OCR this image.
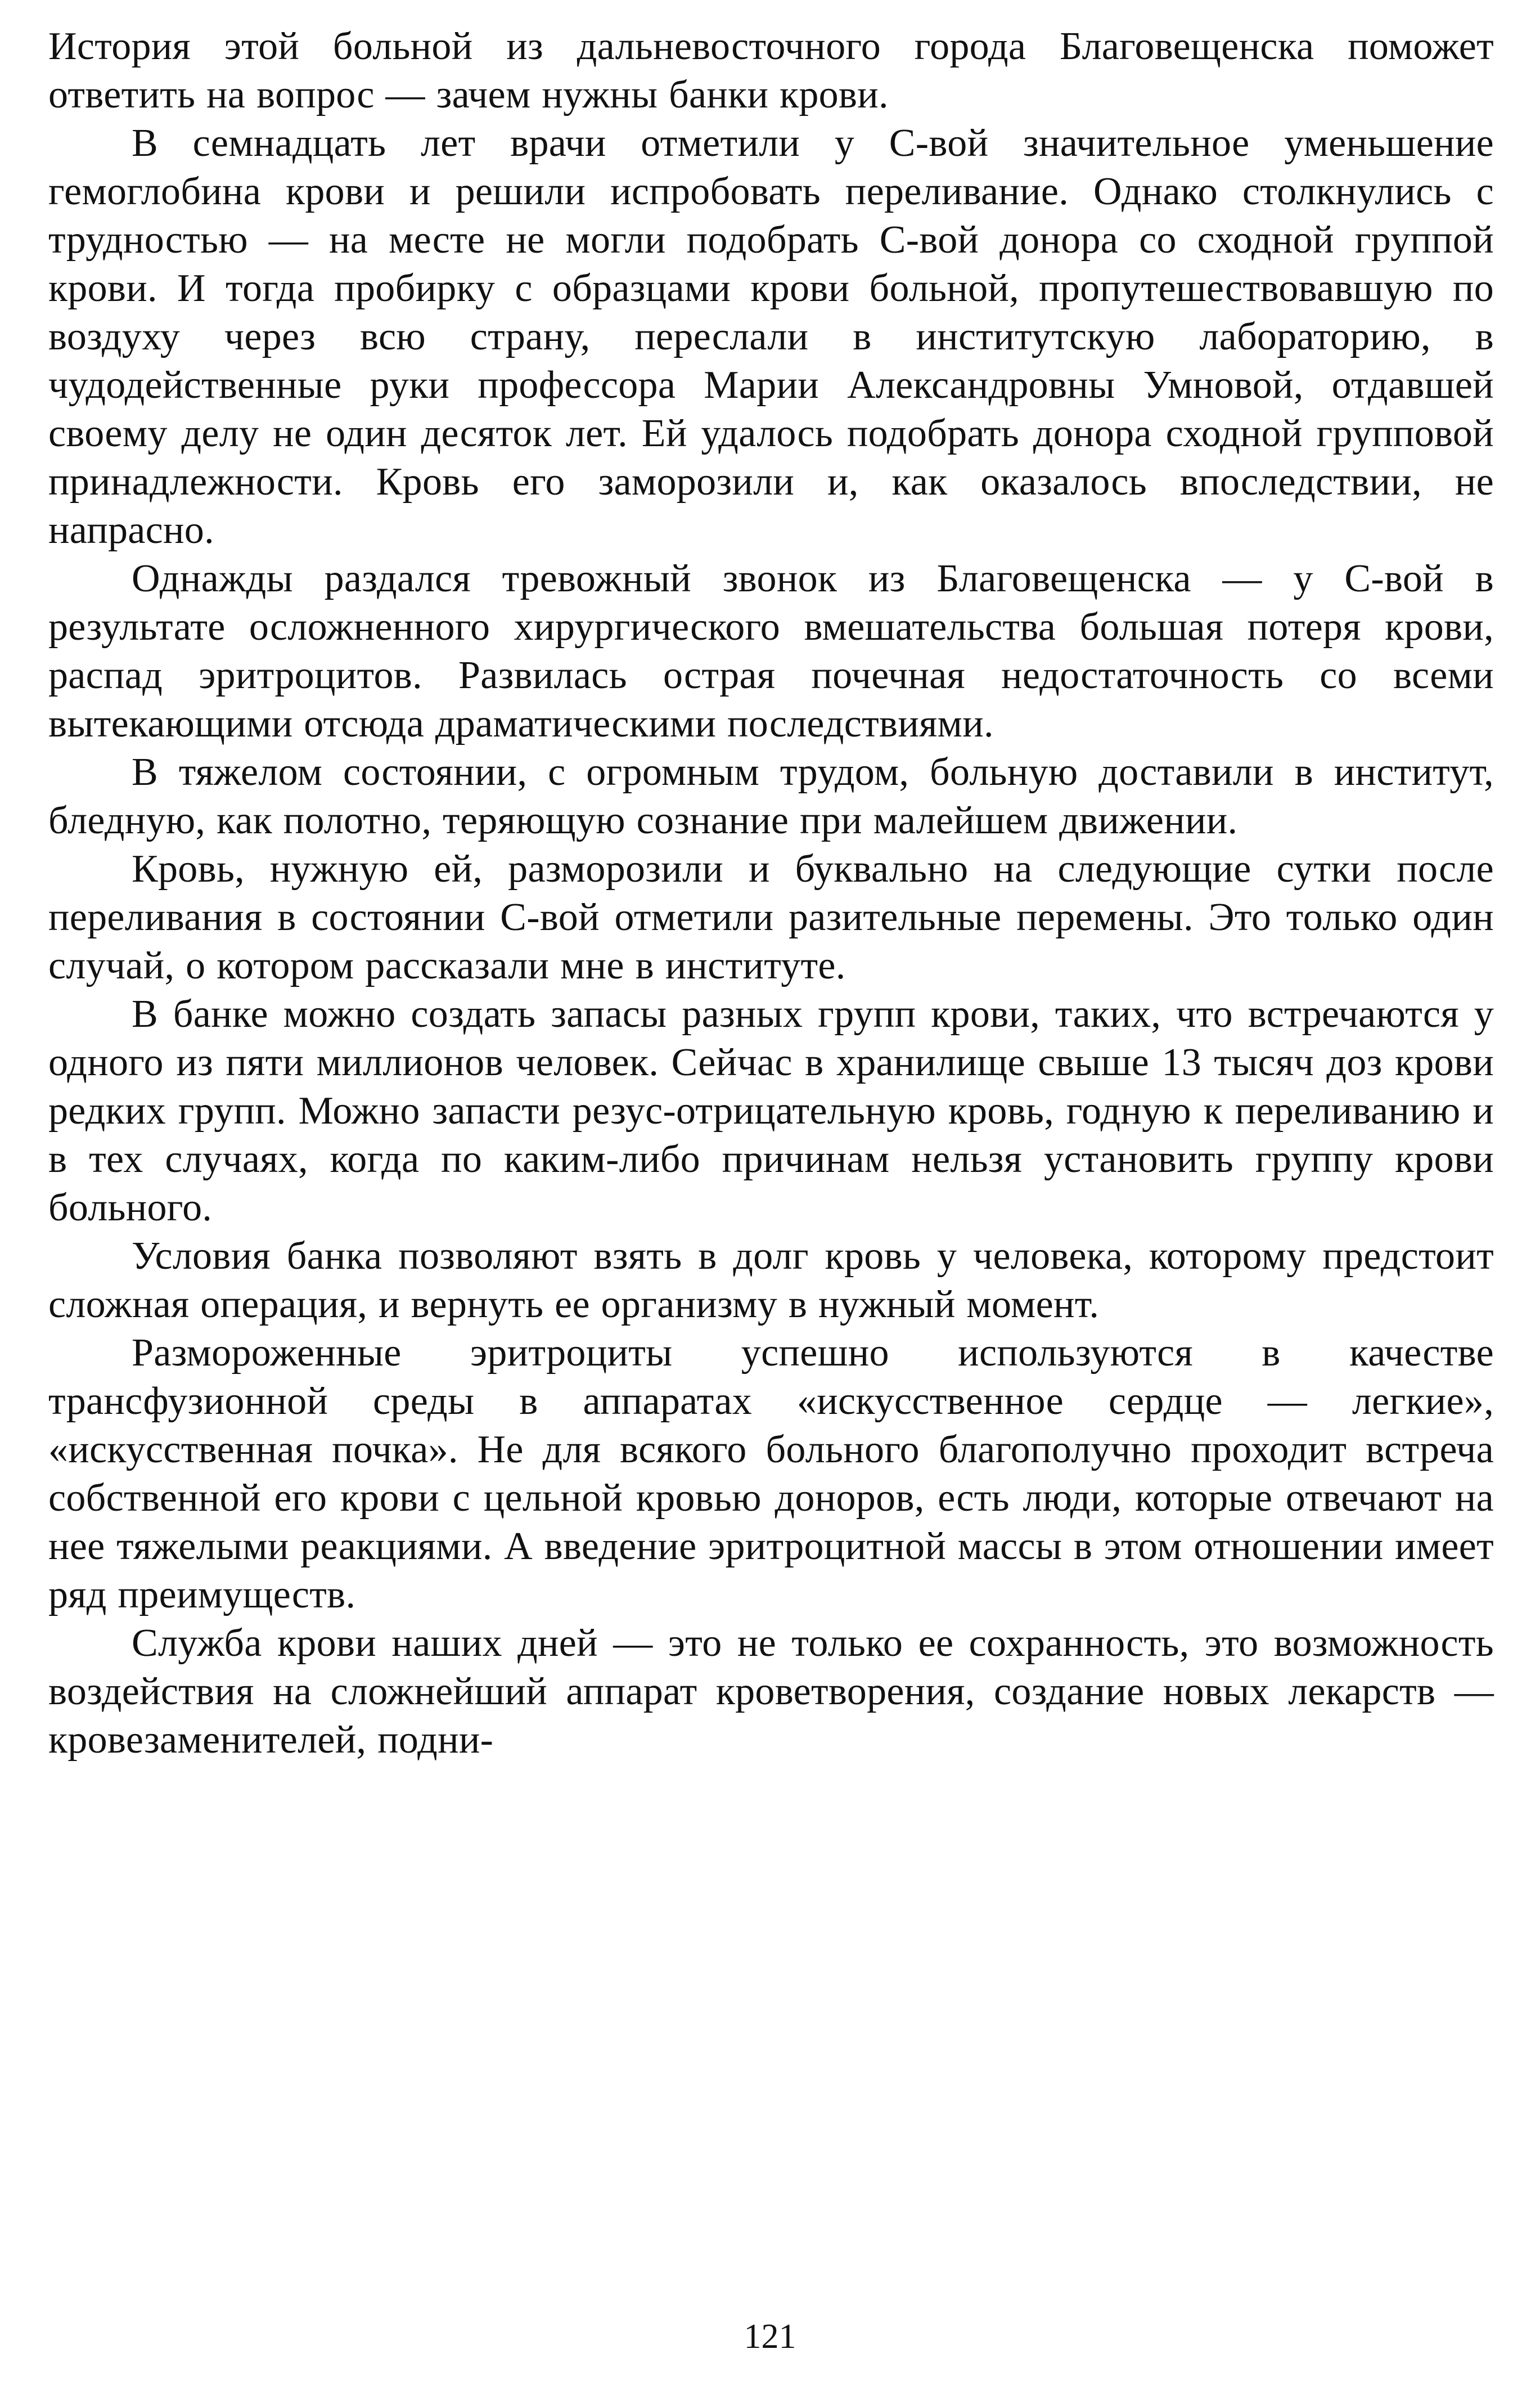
История этой больной из дальневосточного города Благовещенска поможет ответить на вопрос — зачем нужны банки крови.

В семнадцать лет врачи отметили у С-вой значительное уменьшение гемоглобина крови и решили испробовать переливание. Однако столкнулись с трудностью — на месте не могли подобрать С-вой донора со сходной группой крови. И тогда пробирку с образцами крови больной, пропутешествовавшую по воздуху через всю страну, переслали в институтскую лабораторию, в чудодейственные руки профессора Марии Александровны Умновой, отдавшей своему делу не один десяток лет. Ей удалось подобрать донора сходной групповой принадлежности. Кровь его заморозили и, как оказалось впоследствии, не напрасно.

Однажды раздался тревожный звонок из Благовещенска — у С-вой в результате осложненного хирургического вмешательства большая потеря крови, распад эритроцитов. Развилась острая почечная недостаточность со всеми вытекающими отсюда драматическими последствиями.

В тяжелом состоянии, с огромным трудом, больную доставили в институт, бледную, как полотно, теряющую сознание при малейшем движении.

Кровь, нужную ей, разморозили и буквально на следующие сутки после переливания в состоянии С-вой отметили разительные перемены. Это только один случай, о котором рассказали мне в институте.

В банке можно создать запасы разных групп крови, таких, что встречаются у одного из пяти миллионов человек. Сейчас в хранилище свыше 13 тысяч доз крови редких групп. Можно запасти резус-отрицательную кровь, годную к переливанию и в тех случаях, когда по каким-либо причинам нельзя установить группу крови больного.

Условия банка позволяют взять в долг кровь у человека, которому предстоит сложная операция, и вернуть ее организму в нужный момент.

Размороженные эритроциты успешно используются в качестве трансфузионной среды в аппаратах «искусственное сердце — легкие», «искусственная почка». Не для всякого больного благополучно проходит встреча собственной его крови с цельной кровью доноров, есть люди, которые отвечают на нее тяжелыми реакциями. А введение эритроцитной массы в этом отношении имеет ряд преимуществ.

Служба крови наших дней — это не только ее сохранность, это возможность воздействия на сложнейший аппарат кроветворения, создание новых лекарств — кровезаменителей, подни-

121
